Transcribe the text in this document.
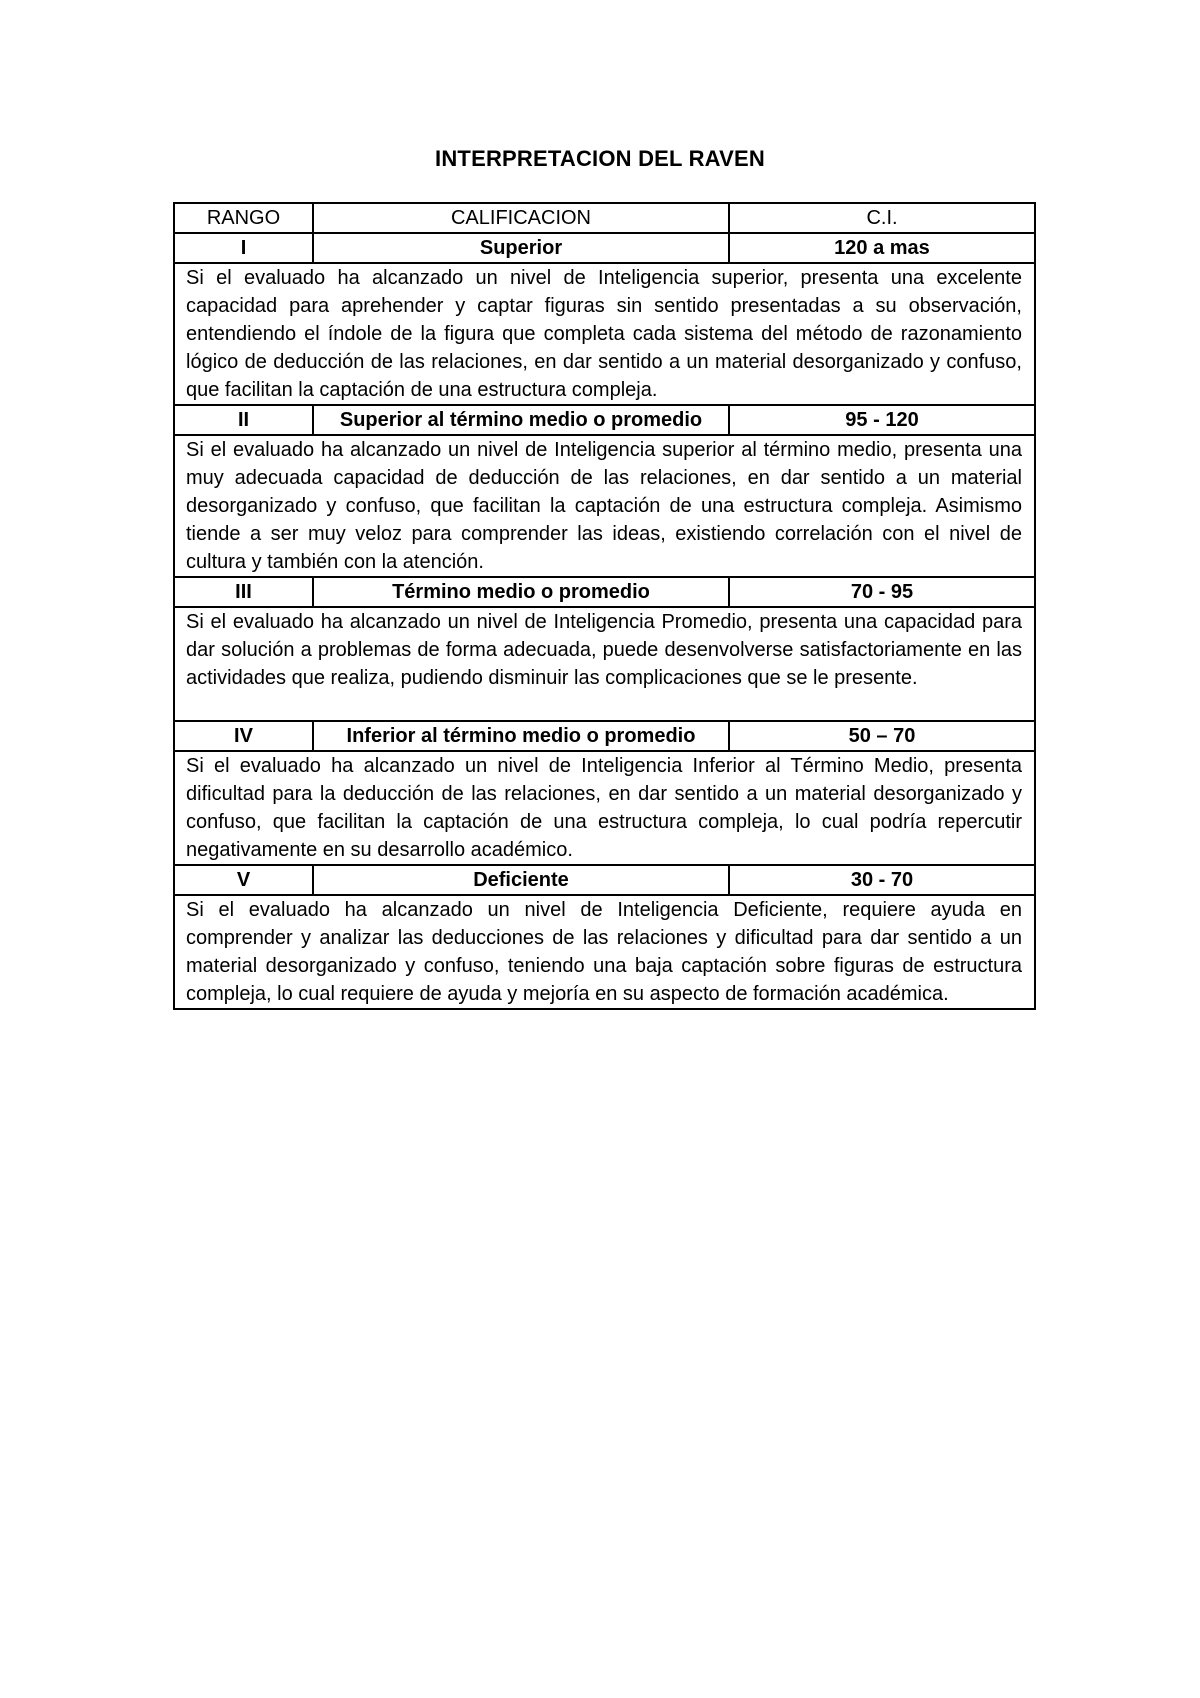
INTERPRETACION DEL RAVEN
RANGO	CALIFICACION	C.I.
I	Superior	120 a mas
Si el evaluado ha alcanzado un nivel de Inteligencia superior, presenta una excelente capacidad para aprehender y captar figuras sin sentido presentadas a su observación, entendiendo el índole de la figura que completa cada sistema del método de razonamiento lógico de deducción de las relaciones, en dar sentido a un material desorganizado y confuso, que facilitan la captación de una estructura compleja.		
II	Superior al término medio o promedio	95 - 120
Si el evaluado ha alcanzado un nivel de Inteligencia superior al término medio, presenta una muy adecuada capacidad de deducción de las relaciones, en dar sentido a un material desorganizado y confuso, que facilitan la captación de una estructura compleja. Asimismo tiende a ser muy veloz para comprender las ideas, existiendo correlación con el nivel de cultura y también con la atención.		
III	Término medio o promedio	70 - 95
Si el evaluado ha alcanzado un nivel de Inteligencia Promedio, presenta una capacidad para dar solución a problemas de forma adecuada, puede desenvolverse satisfactoriamente en las actividades que realiza, pudiendo disminuir las complicaciones que se le presente.		
IV	Inferior al término medio o promedio	50 – 70
Si el evaluado ha alcanzado un nivel de Inteligencia Inferior al Término Medio, presenta dificultad para la deducción de las relaciones, en dar sentido a un material desorganizado y confuso, que facilitan la captación de una estructura compleja, lo cual podría repercutir negativamente en su desarrollo académico.		
V	Deficiente	30 - 70
Si el evaluado ha alcanzado un nivel de Inteligencia Deficiente, requiere ayuda en comprender y analizar las deducciones de las relaciones y dificultad para dar sentido a un material desorganizado y confuso, teniendo una baja captación sobre figuras de estructura compleja, lo cual requiere de ayuda y mejoría en su aspecto de formación académica.		
